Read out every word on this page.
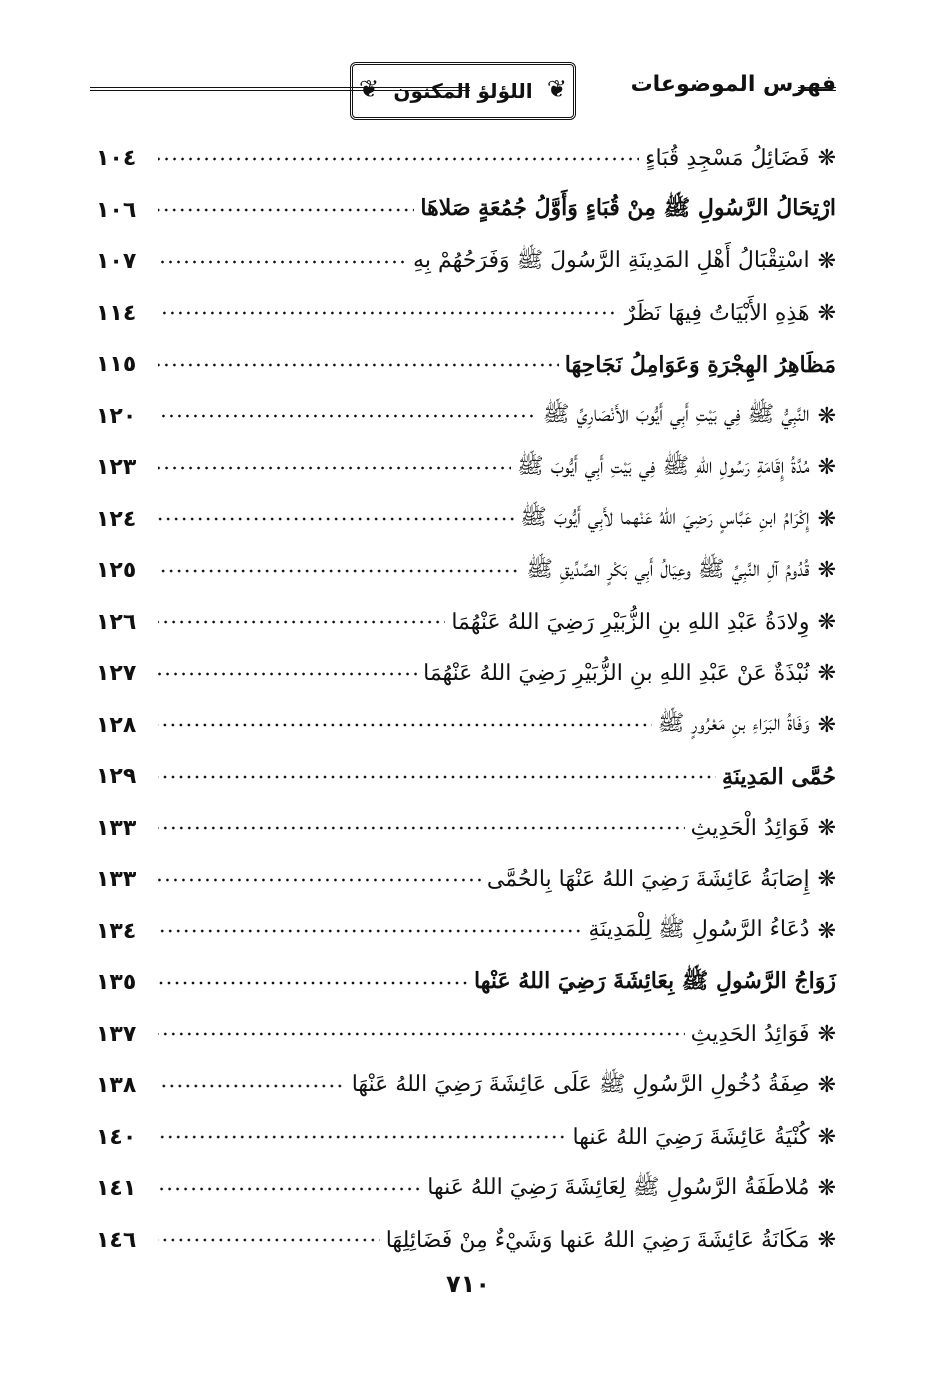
فهرس الموضوعات
❦
اللؤلؤ المكنون
❦
❋
فَضَائِلُ مَسْجِدِ قُبَاءٍ
١٠٤
ارْتِحَالُ الرَّسُولِ ﷺ مِنْ قُبَاءٍ وَأَوَّلُ جُمُعَةٍ صَلاهَا
١٠٦
❋
اسْتِقْبَالُ أَهْلِ المَدِينَةِ الرَّسُولَ ﷺ وَفَرَحُهُمْ بِهِ
١٠٧
❋
هَذِهِ الأَبْيَاتُ فِيهَا نَظَرٌ
١١٤
مَظَاهِرُ الهِجْرَةِ وَعَوَامِلُ نَجَاحِهَا
١١٥
❋
النَّبِيُّ ﷺ فِي بَيْتِ أَبِي أَيُّوبَ الأَنْصَارِيِّ ﷺ
١٢٠
❋
مُدَّةُ إِقَامَةِ رَسُولِ اللهِ ﷺ فِي بَيْتِ أَبِي أَيُّوبَ ﷺ
١٢٣
❋
إِكْرَامُ ابنِ عَبَّاسٍ رَضِيَ اللهُ عَنْهما لأَبِي أَيُّوبَ ﷺ
١٢٤
❋
قُدُومُ آلِ النَّبِيِّ ﷺ وعِيَالُ أَبِي بَكْرٍ الصِّدِّيقِ ﷺ
١٢٥
❋
وِلادَةُ عَبْدِ اللهِ بنِ الزُّبَيْرِ رَضِيَ اللهُ عَنْهُمَا
١٢٦
❋
نُبْذَةٌ عَنْ عَبْدِ اللهِ بنِ الزُّبَيْرِ رَضِيَ اللهُ عَنْهُمَا
١٢٧
❋
وَفَاةُ البَرَاءِ بنِ مَعْرُورٍ ﷺ
١٢٨
حُمَّى المَدِينَةِ
١٢٩
❋
فَوَائِدُ الْحَدِيثِ
١٣٣
❋
إِصَابَةُ عَائِشَةَ رَضِيَ اللهُ عَنْهَا بِالحُمَّى
١٣٣
❋
دُعَاءُ الرَّسُولِ ﷺ لِلْمَدِينَةِ
١٣٤
زَوَاجُ الرَّسُولِ ﷺ بِعَائِشَةَ رَضِيَ اللهُ عَنْها
١٣٥
❋
فَوَائِدُ الحَدِيثِ
١٣٧
❋
صِفَةُ دُخُولِ الرَّسُولِ ﷺ عَلَى عَائِشَةَ رَضِيَ اللهُ عَنْهَا
١٣٨
❋
كُنْيَةُ عَائِشَةَ رَضِيَ اللهُ عَنها
١٤٠
❋
مُلاطَفَةُ الرَّسُولِ ﷺ لِعَائِشَةَ رَضِيَ اللهُ عَنها
١٤١
❋
مَكَانَةُ عَائِشَةَ رَضِيَ اللهُ عَنها وَشَيْءٌ مِنْ فَضَائِلِهَا
١٤٦
٧١٠
